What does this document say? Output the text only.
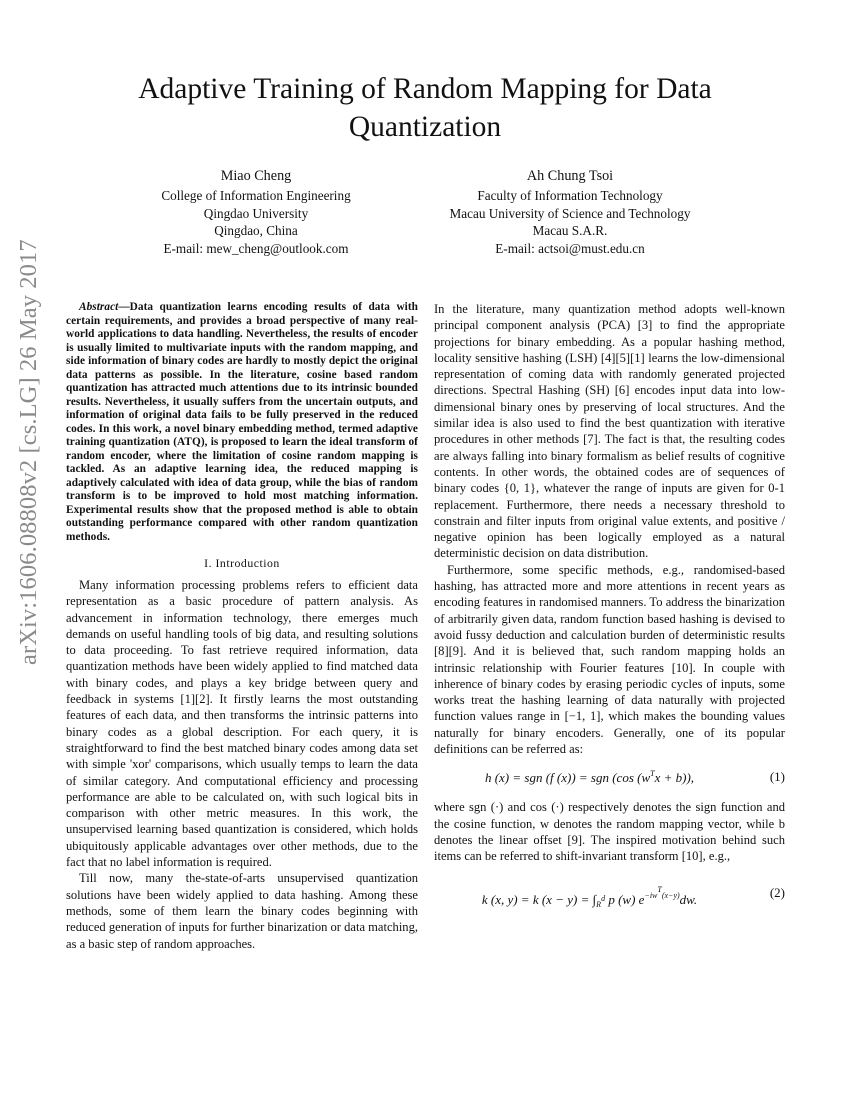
arXiv:1606.08808v2 [cs.LG] 26 May 2017
Adaptive Training of Random Mapping for Data Quantization
Miao Cheng
College of Information Engineering
Qingdao University
Qingdao, China
E-mail: mew_cheng@outlook.com
Ah Chung Tsoi
Faculty of Information Technology
Macau University of Science and Technology
Macau S.A.R.
E-mail: actsoi@must.edu.cn

Abstract—Data quantization learns encoding results of data with certain requirements, and provides a broad perspective of many real-world applications to data handling. Nevertheless, the results of encoder is usually limited to multivariate inputs with the random mapping, and side information of binary codes are hardly to mostly depict the original data patterns as possible. In the literature, cosine based random quantization has attracted much attentions due to its intrinsic bounded results. Nevertheless, it usually suffers from the uncertain outputs, and information of original data fails to be fully preserved in the reduced codes. In this work, a novel binary embedding method, termed adaptive training quantization (ATQ), is proposed to learn the ideal transform of random encoder, where the limitation of cosine random mapping is tackled. As an adaptive learning idea, the reduced mapping is adaptively calculated with idea of data group, while the bias of random transform is to be improved to hold most matching information. Experimental results show that the proposed method is able to obtain outstanding performance compared with other random quantization methods.

I. Introduction

Many information processing problems refers to efficient data representation as a basic procedure of pattern analysis. As advancement in information technology, there emerges much demands on useful handling tools of big data, and resulting solutions to data proceeding. To fast retrieve required information, data quantization methods have been widely applied to find matched data with binary codes, and plays a key bridge between query and feedback in systems [1][2]. It firstly learns the most outstanding features of each data, and then transforms the intrinsic patterns into binary codes as a global description. For each query, it is straightforward to find the best matched binary codes among data set with simple 'xor' comparisons, which usually temps to learn the data of similar category. And computational efficiency and processing performance are able to be calculated on, with such logical bits in comparison with other metric measures. In this work, the unsupervised learning based quantization is considered, which holds ubiquitously applicable advantages over other methods, due to the fact that no label information is required.

Till now, many the-state-of-arts unsupervised quantization solutions have been widely applied to data hashing. Among these methods, some of them learn the binary codes beginning with reduced generation of inputs for further binarization or data matching, as a basic step of random approaches.

In the literature, many quantization method adopts well-known principal component analysis (PCA) [3] to find the appropriate projections for binary embedding. As a popular hashing method, locality sensitive hashing (LSH) [4][5][1] learns the low-dimensional representation of coming data with randomly generated projected directions. Spectral Hashing (SH) [6] encodes input data into low-dimensional binary ones by preserving of local structures. And the similar idea is also used to find the best quantization with iterative procedures in other methods [7]. The fact is that, the resulting codes are always falling into binary formalism as belief results of cognitive contents. In other words, the obtained codes are of sequences of binary codes {0, 1}, whatever the range of inputs are given for 0-1 replacement. Furthermore, there needs a necessary threshold to constrain and filter inputs from original value extents, and positive / negative opinion has been logically employed as a natural deterministic decision on data distribution.

Furthermore, some specific methods, e.g., randomised-based hashing, has attracted more and more attentions in recent years as encoding features in randomised manners. To address the binarization of arbitrarily given data, random function based hashing is devised to avoid fussy deduction and calculation burden of deterministic results [8][9]. And it is believed that, such random mapping holds an intrinsic relationship with Fourier features [10]. In couple with inherence of binary codes by erasing periodic cycles of inputs, some works treat the hashing learning of data naturally with projected function values range in [−1, 1], which makes the bounding values naturally for binary encoders. Generally, one of its popular definitions can be referred as:

h (x) = sgn (f (x)) = sgn (cos $(w^Tx + b)$),	(1)

where sgn (·) and cos (·) respectively denotes the sign function and the cosine function, w denotes the random mapping vector, while b denotes the linear offset [9]. The inspired motivation behind such items can be referred to shift-invariant transform [10], e.g.,

k (x, y) = k $(x - y) = \int_{R^d}$ p (w) $e^{-iw^T(x-y)}dw$.	(2)
